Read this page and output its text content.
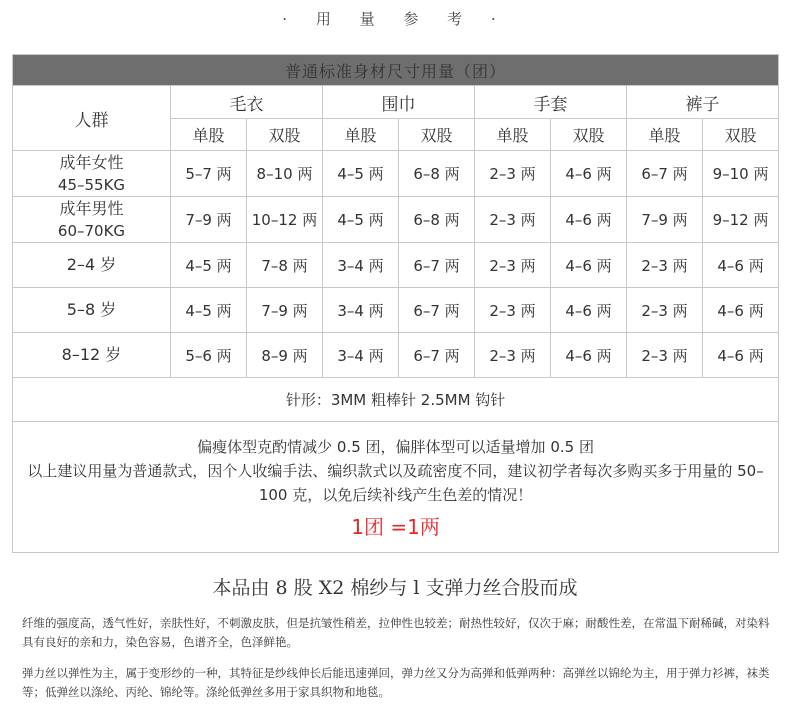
· 用 量 参 考 ·
普通标准身材尺寸用量（团）								
人群	毛衣		围巾		手套		裤子	
	单股	双股	单股	双股	单股	双股	单股	双股

成年女性
45–55KG	5–7 两	8–10 两	4–5 两	6–8 两	2–3 两	4–6 两	6–7 两	9–10 两

成年男性
60–70KG	7–9 两	10–12 两	4–5 两	6–8 两	2–3 两	4–6 两	7–9 两	9–12 两
2–4 岁	4–5 两	7–8 两	3–4 两	6–7 两	2–3 两	4–6 两	2–3 两	4–6 两
5–8 岁	4–5 两	7–9 两	3–4 两	6–7 两	2–3 两	4–6 两	2–3 两	4–6 两
8–12 岁	5–6 两	8–9 两	3–4 两	6–7 两	2–3 两	4–6 两	2–3 两	4–6 两
针形：3MM 粗棒针 2.5MM 钩针								

偏瘦体型克酌情减少 0.5 团，偏胖体型可以适量增加 0.5 团
以上建议用量为普通款式，因个人收编手法、编织款式以及疏密度不同，建议初学者每次多购买多于用量的 50–100 克，以免后续补线产生色差的情况！
1团 =1两								
本品由 8 股 X2 棉纱与 l 支弹力丝合股而成
纤维的强度高，透气性好，亲肤性好，不刺激皮肤，但是抗皱性稍差，拉伸性也较差；耐热性较好，仅次于麻；耐酸性差，在常温下耐稀碱，对染料具有良好的亲和力，染色容易，色谱齐全，色泽鲜艳。
弹力丝以弹性为主，属于变形纱的一种，其特征是纱线伸长后能迅速弹回，弹力丝又分为高弹和低弹两种：高弹丝以锦纶为主，用于弹力衫裤，袜类等；低弹丝以涤纶、丙纶、锦纶等。涤纶低弹丝多用于家具织物和地毯。
